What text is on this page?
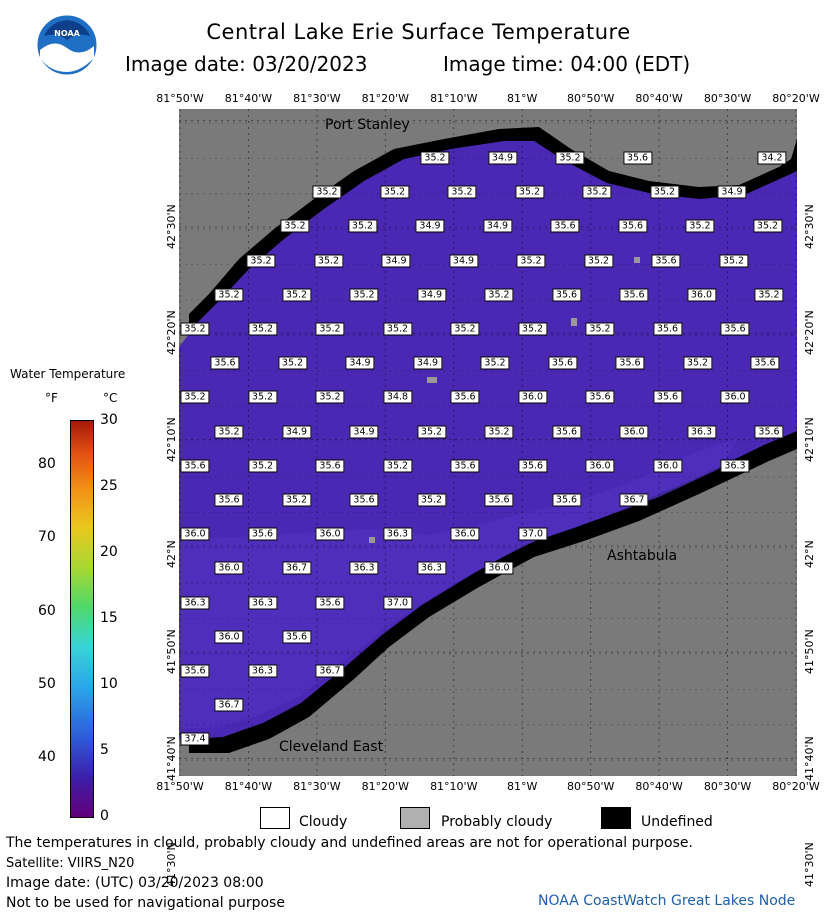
NOAA	Central Lake Erie Surface Temperature
Image date: 03/20/2023	Image time: 04:00 (EDT)
81°50'W 81°40'W 81°30'W 81°20'W 81°10'W	81°W	80°50'W 80°40'W 80°30'W 80°20'W
81°50'W 81°40'W 81°30'W 81°20'W 81°10'W	81°W	80°50'W 80°40'W 80°30'W 80°20'W
42°30'N
42°20'N
42°10'N
42°N
41°50'N
41°40'N
41°30'N
42°30'N
42°20'N
42°10'N
42°N
41°50'N
41°40'N
41°30'N
35.2	34.9	35.2	35.6	34.2
35.2	35.2	35.2	35.2	35.2	35.2	34.9
35.2	35.2	34.9	34.9	35.6	35.6	35.2	35.2
35.2	35.2	34.9	34.9	35.2	35.2	35.6	35.2
35.2	35.2	35.2	34.9	35.2	35.6	35.6	36.0	35.2
35.2	35.2	35.2	35.2	35.2	35.2	35.2	35.6	35.6
35.6	35.2	34.9	34.9	35.2	35.6	35.6	35.2	35.6
35.2	35.2	35.2	34.8	35.6	36.0	35.6	35.6	36.0
35.2	34.9	34.9	35.2	35.2	35.6	36.0	36.3	35.6
35.6	35.2	35.6	35.2	35.6	35.6	36.0	36.0	36.3
35.6	35.2	35.6	35.2	35.6	35.6	36.7
36.0	35.6	36.0	36.3	36.0	37.0
36.0	36.7	36.3	36.3	36.0
36.3	36.3	35.6	37.0
36.0	35.6
35.6	36.3	36.7
36.7
37.4
Port Stanley
Ashtabula
Cleveland East
Water Temperature
°F	°C
80
70
60
50
40
30
25
20
15
10
5
0	Cloudy	Probably cloudy	Undefined
The temperatures in clould, probably cloudy and undefined areas are not for operational purpose.
Satellite: VIIRS_N20
Image date: (UTC) 03/20/2023 08:00
Not to be used for navigational purpose	NOAA CoastWatch Great Lakes Node
